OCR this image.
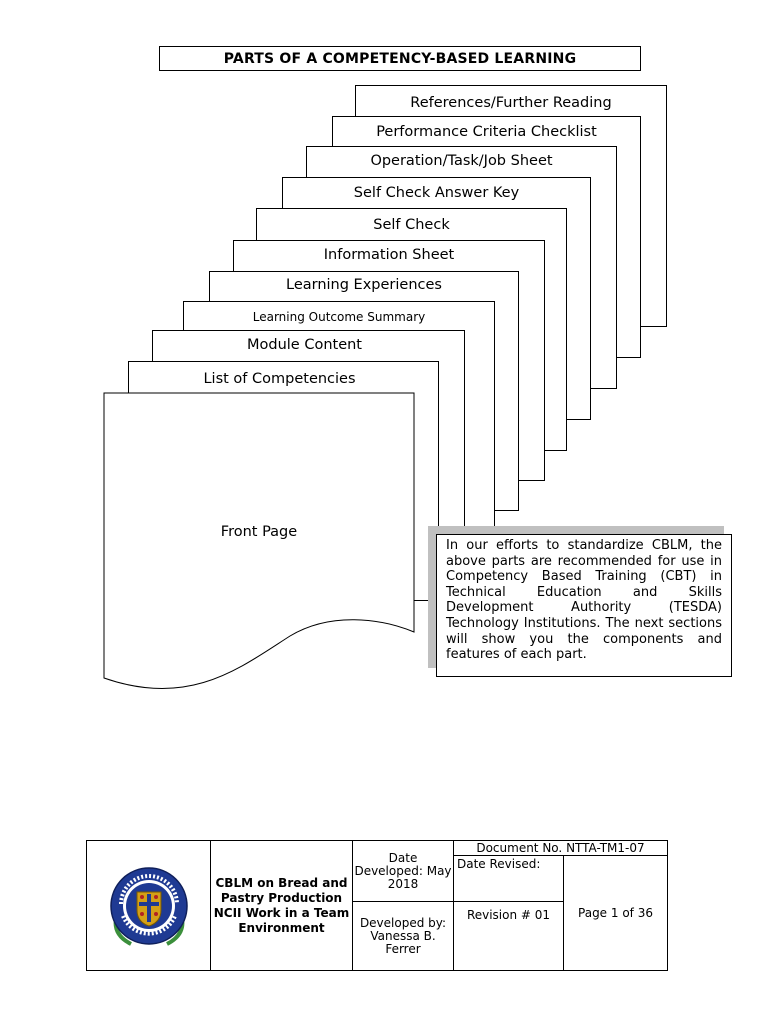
PARTS OF A COMPETENCY-BASED LEARNING
References/Further Reading
Performance Criteria Checklist
Operation/Task/Job Sheet
Self Check Answer Key
Self Check
Information Sheet
Learning Experiences
Learning Outcome Summary
Module Content
List of Competencies
Front Page

In our efforts to standardize CBLM, the above parts are recommended for use in Competency Based Training (CBT) in Technical Education and Skills Development Authority (TESDA) Technology Institutions. The next sections will show you the components and features of each part.

	CBLM on Bread and Pastry Production NCII Work in a Team Environment	Date Developed: May 2018	Document No. NTTA-TM1-07	
			Date Revised:	Page 1 of 36
		Developed by: Vanessa B. Ferrer	Revision # 01	
